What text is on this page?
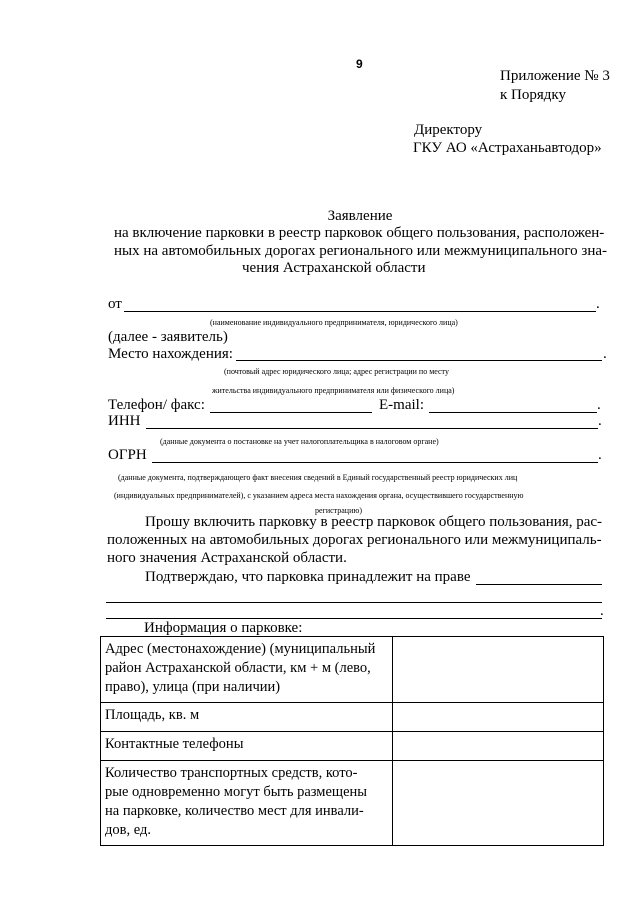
9
Приложение № 3
к Порядку
Директору
ГКУ АО «Астраханьавтодор»
Заявление
на включение парковки в реестр парковок общего пользования, расположен-
ных на автомобильных дорогах регионального или межмуниципального зна-
чения Астраханской области
от	.
(наименование индивидуального предпринимателя, юридического лица)
(далее - заявитель)
Место нахождения:	.
(почтовый адрес юридического лица; адрес регистрации по месту
жительства индивидуального предпринимателя или физического лица)
Телефон/ факс:	E-mail:	.
ИНН	.
(данные документа о постановке на учет налогоплательщика в налоговом органе)
ОГРН	.
(данные документа, подтверждающего факт внесения сведений в Единый государственный реестр юридических лиц
(индивидуальных предпринимателей), с указанием адреса места нахождения органа, осуществившего государственную
регистрацию)
Прошу включить парковку в реестр парковок общего пользования, рас-
положенных на автомобильных дорогах регионального или межмуниципаль-
ного значения Астраханской области.
Подтверждаю, что парковка принадлежит на праве
.
Информация о парковке:
Адрес (местонахождение) (муниципальный
район Астраханской области, км + м (лево,
право), улица (при наличии)	

Площадь, кв. м	

Контактные телефоны	

Количество транспортных средств, кото-
рые одновременно могут быть размещены
на парковке, количество мест для инвали-
дов, ед.	
